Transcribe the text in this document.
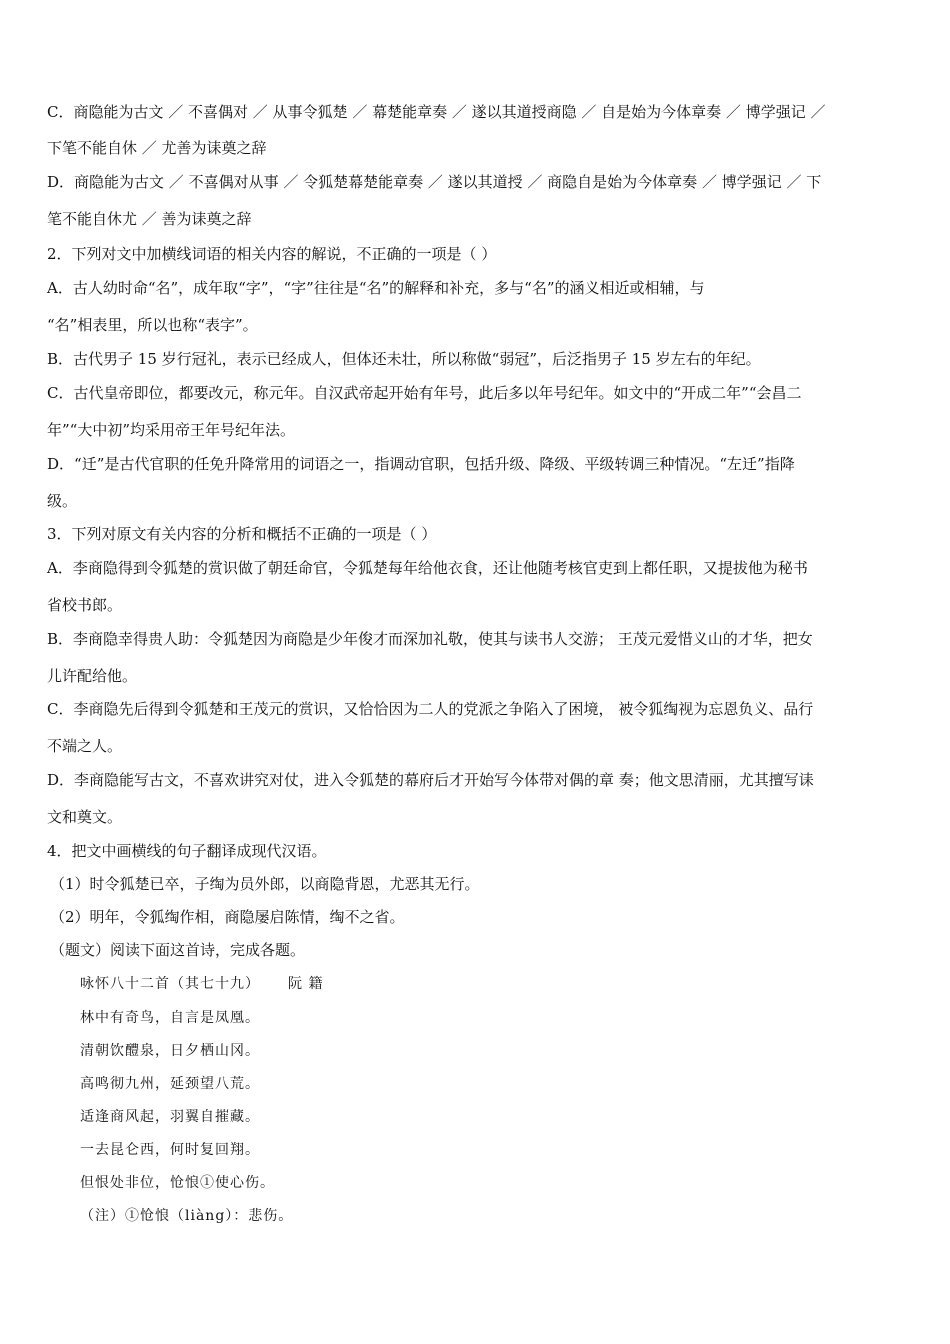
C．商隐能为古文 ／ 不喜偶对 ／ 从事令狐楚 ／ 幕楚能章奏 ／ 遂以其道授商隐 ／ 自是始为今体章奏 ／ 博学强记 ／
下笔不能自休 ／ 尤善为诔奠之辞
D．商隐能为古文 ／ 不喜偶对从事 ／ 令狐楚幕楚能章奏 ／ 遂以其道授 ／ 商隐自是始为今体章奏 ／ 博学强记 ／ 下
笔不能自休尤 ／ 善为诔奠之辞
2．下列对文中加横线词语的相关内容的解说，不正确的一项是（ ）
A．古人幼时命“名”，成年取“字”，“字”往往是“名”的解释和补充，多与“名”的涵义相近或相辅，与
“名”相表里，所以也称“表字”。
B．古代男子 15 岁行冠礼，表示已经成人，但体还未壮，所以称做“弱冠”，后泛指男子 15 岁左右的年纪。
C．古代皇帝即位，都要改元，称元年。自汉武帝起开始有年号，此后多以年号纪年。如文中的“开成二年”“会昌二
年”“大中初”均采用帝王年号纪年法。
D．“迁”是古代官职的任免升降常用的词语之一，指调动官职，包括升级、降级、平级转调三种情况。“左迁”指降
级。
3．下列对原文有关内容的分析和概括不正确的一项是（ ）
A．李商隐得到令狐楚的赏识做了朝廷命官，令狐楚每年给他衣食，还让他随考核官吏到上都任职，又提拔他为秘书
省校书郎。
B．李商隐幸得贵人助：令狐楚因为商隐是少年俊才而深加礼敬，使其与读书人交游； 王茂元爱惜义山的才华，把女
儿许配给他。
C．李商隐先后得到令狐楚和王茂元的赏识，又恰恰因为二人的党派之争陷入了困境， 被令狐绹视为忘恩负义、品行
不端之人。
D．李商隐能写古文，不喜欢讲究对仗，进入令狐楚的幕府后才开始写今体带对偶的章 奏；他文思清丽，尤其擅写诔
文和奠文。
4．把文中画横线的句子翻译成现代汉语。
（1）时令狐楚已卒，子绹为员外郎，以商隐背恩，尤恶其无行。
（2）明年，令狐绹作相，商隐屡启陈情，绹不之省。
（题文）阅读下面这首诗，完成各题。
咏怀八十二首（其七十九） 阮 籍
林中有奇鸟，自言是凤凰。
清朝饮醴泉，日夕栖山冈。
高鸣彻九州，延颈望八荒。
适逢商风起，羽翼自摧藏。
一去昆仑西，何时复回翔。
但恨处非位，怆悢①使心伤。
（注）①怆悢（liàng）：悲伤。
